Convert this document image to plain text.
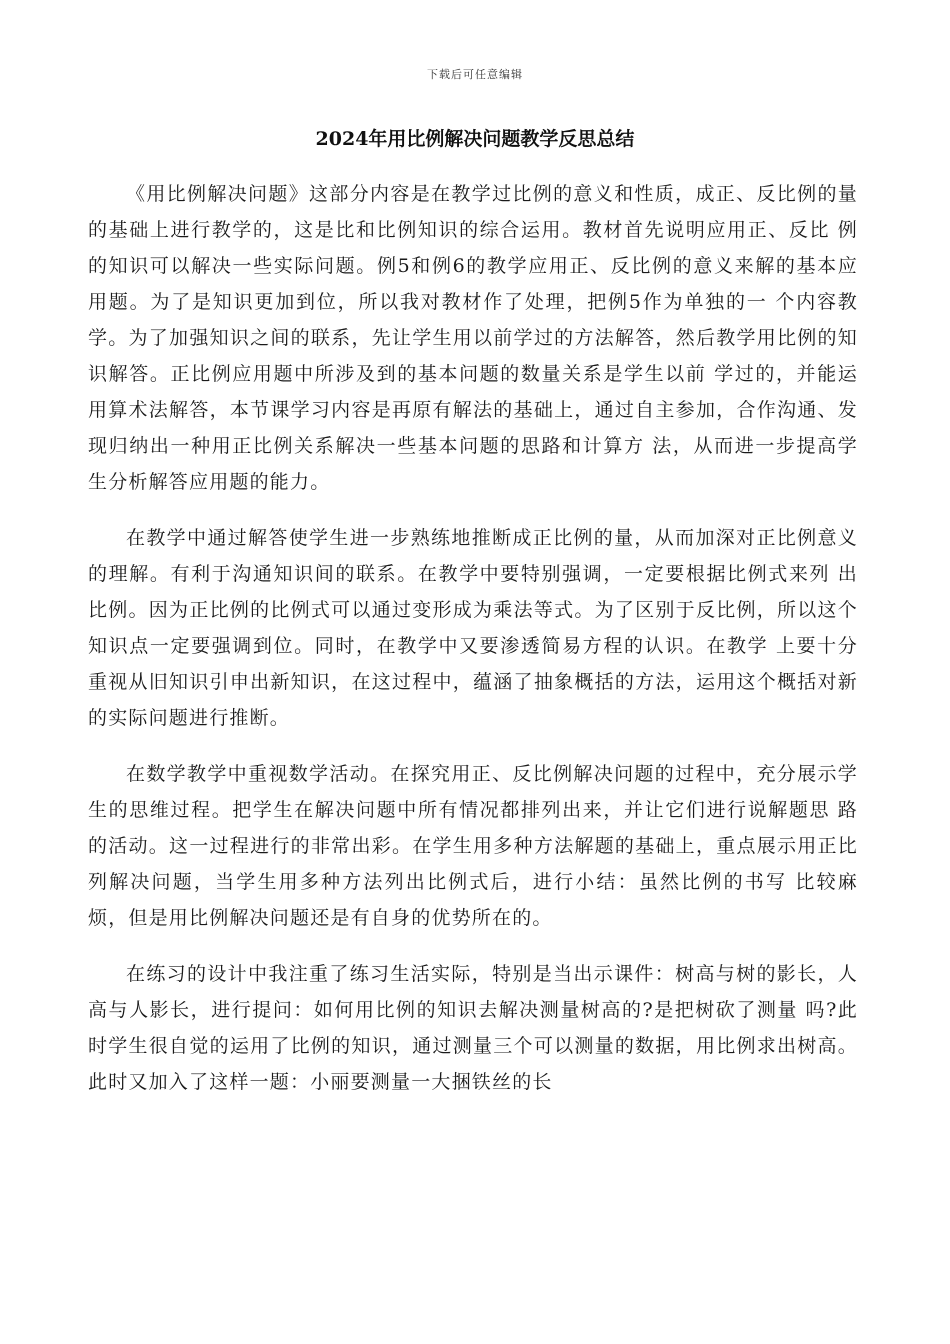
下载后可任意编辑
2024年用比例解决问题教学反思总结

《用比例解决问题》这部分内容是在教学过比例的意义和性质，成正、反比例的量的基础上进行教学的，这是比和比例知识的综合运用。教材首先说明应用正、反比 例的知识可以解决一些实际问题。例5和例6的教学应用正、反比例的意义来解的基本应用题。为了是知识更加到位，所以我对教材作了处理，把例5作为单独的一 个内容教学。为了加强知识之间的联系，先让学生用以前学过的方法解答，然后教学用比例的知识解答。正比例应用题中所涉及到的基本问题的数量关系是学生以前 学过的，并能运用算术法解答，本节课学习内容是再原有解法的基础上，通过自主参加，合作沟通、发现归纳出一种用正比例关系解决一些基本问题的思路和计算方 法，从而进一步提高学生分析解答应用题的能力。

在教学中通过解答使学生进一步熟练地推断成正比例的量，从而加深对正比例意义的理解。有利于沟通知识间的联系。在教学中要特别强调，一定要根据比例式来列 出比例。因为正比例的比例式可以通过变形成为乘法等式。为了区别于反比例，所以这个知识点一定要强调到位。同时，在教学中又要渗透简易方程的认识。在教学 上要十分重视从旧知识引申出新知识，在这过程中，蕴涵了抽象概括的方法，运用这个概括对新的实际问题进行推断。

在数学教学中重视数学活动。在探究用正、反比例解决问题的过程中，充分展示学生的思维过程。把学生在解决问题中所有情况都排列出来，并让它们进行说解题思 路的活动。这一过程进行的非常出彩。在学生用多种方法解题的基础上，重点展示用正比列解决问题，当学生用多种方法列出比例式后，进行小结：虽然比例的书写 比较麻烦，但是用比例解决问题还是有自身的优势所在的。

在练习的设计中我注重了练习生活实际，特别是当出示课件：树高与树的影长，人高与人影长，进行提问：如何用比例的知识去解决测量树高的?是把树砍了测量 吗?此时学生很自觉的运用了比例的知识，通过测量三个可以测量的数据，用比例求出树高。此时又加入了这样一题：小丽要测量一大捆铁丝的长
